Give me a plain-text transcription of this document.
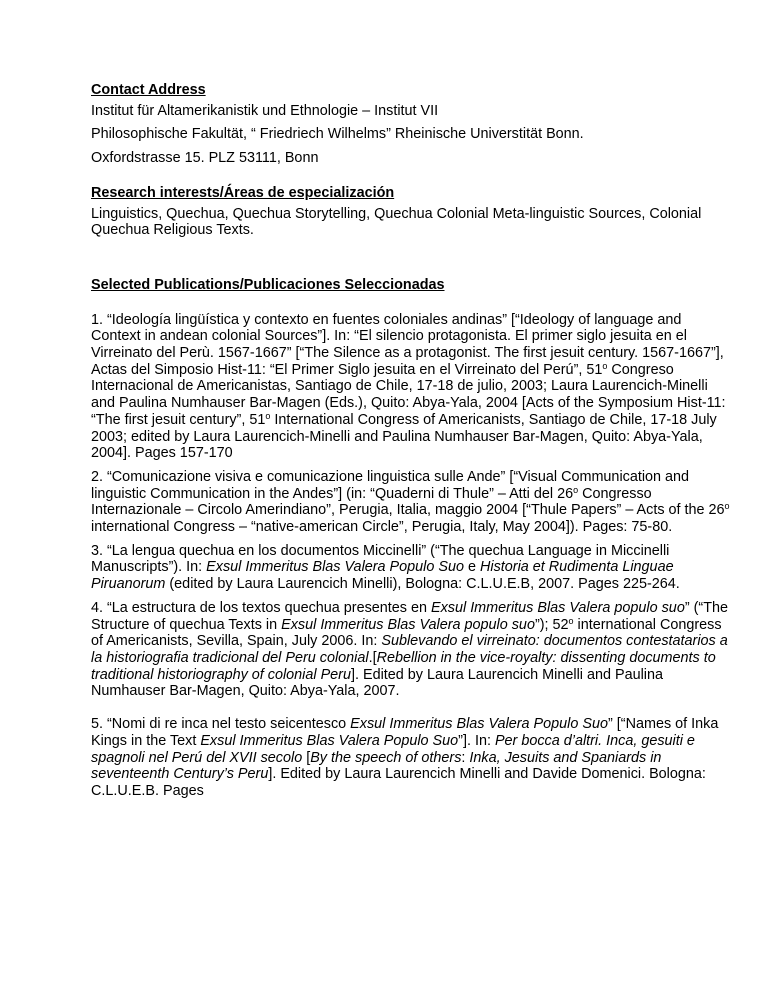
Contact Address
Institut für Altamerikanistik und Ethnologie – Institut VII
Philosophische Fakultät, “ Friedriech Wilhelms” Rheinische Universtität Bonn.
Oxfordstrasse 15. PLZ 53111, Bonn
Research interests/Áreas de especialización
Linguistics, Quechua, Quechua Storytelling, Quechua Colonial Meta-linguistic Sources, Colonial Quechua Religious Texts.
Selected Publications/Publicaciones Seleccionadas
1. “Ideología lingüística y contexto en fuentes coloniales andinas” [“Ideology of language and Context in andean colonial Sources”]. In: “El silencio protagonista. El primer siglo jesuita en el Virreinato del Perù. 1567-1667” [“The Silence as a protagonist. The first jesuit century. 1567-1667”], Actas del Simposio Hist-11: “El Primer Siglo jesuita en el Virreinato del Perú”, 51$^o$ Congreso Internacional de Americanistas, Santiago de Chile, 17-18 de julio, 2003; Laura Laurencich-Minelli and Paulina Numhauser Bar-Magen (Eds.), Quito: Abya-Yala, 2004 [Acts of the Symposium Hist-11: “The first jesuit century”, 51$^o$ International Congress of Americanists, Santiago de Chile, 17-18 July 2003; edited by Laura Laurencich-Minelli and Paulina Numhauser Bar-Magen, Quito: Abya-Yala, 2004]. Pages 157-170
2. “Comunicazione visiva e comunicazione linguistica sulle Ande” [“Visual Communication and linguistic Communication in the Andes”] (in: “Quaderni di Thule” – Atti del 26$^o$ Congresso Internazionale – Circolo Amerindiano”, Perugia, Italia, maggio 2004 [“Thule Papers” – Acts of the 26$^o$ international Congress – “native-american Circle”, Perugia, Italy, May 2004]). Pages: 75-80.
3. “La lengua quechua en los documentos Miccinelli” (“The quechua Language in Miccinelli Manuscripts”). In: Exsul Immeritus Blas Valera Populo Suo e Historia et Rudimenta Linguae Piruanorum (edited by Laura Laurencich Minelli), Bologna: C.L.U.E.B, 2007. Pages 225-264.
4. “La estructura de los textos quechua presentes en Exsul Immeritus Blas Valera populo suo” (“The Structure of quechua Texts in Exsul Immeritus Blas Valera populo suo”); 52$^o$ international Congress of Americanists, Sevilla, Spain, July 2006. In: Sublevando el virreinato: documentos contestatarios a la historiografia tradicional del Peru colonial.[Rebellion in the vice-royalty: dissenting documents to traditional historiography of colonial Peru]. Edited by Laura Laurencich Minelli and Paulina Numhauser Bar-Magen, Quito: Abya-Yala, 2007.
5. “Nomi di re inca nel testo seicentesco Exsul Immeritus Blas Valera Populo Suo” [“Names of Inka Kings in the Text Exsul Immeritus Blas Valera Populo Suo”]. In: Per bocca d’altri. Inca, gesuiti e spagnoli nel Perú del XVII secolo [By the speech of others: Inka, Jesuits and Spaniards in seventeenth Century’s Peru]. Edited by Laura Laurencich Minelli and Davide Domenici. Bologna: C.L.U.E.B. Pages
